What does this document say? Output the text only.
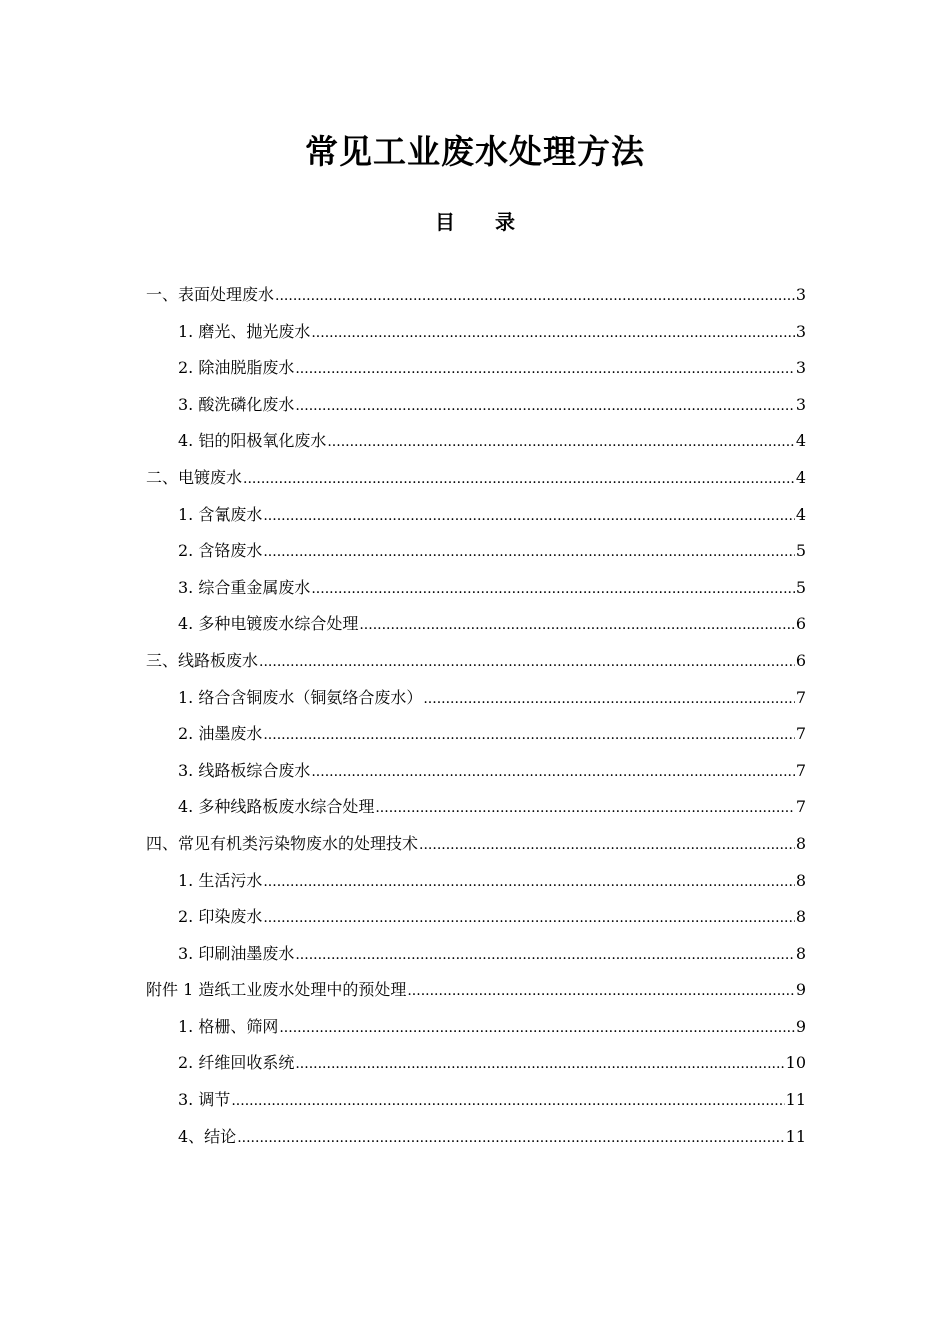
常见工业废水处理方法
目录
一、表面处理废水 .....	3
1. 磨光、抛光废水 .....	3
2. 除油脱脂废水 .....	3
3. 酸洗磷化废水 .....	3
4. 铝的阳极氧化废水 .....	4
二、电镀废水 .....	4
1. 含氰废水 .....	4
2. 含铬废水 .....	5
3. 综合重金属废水 .....	5
4. 多种电镀废水综合处理 .....	6
三、线路板废水 .....	6
1. 络合含铜废水（铜氨络合废水） .....	7
2. 油墨废水 .....	7
3. 线路板综合废水 .....	7
4. 多种线路板废水综合处理 .....	7
四、常见有机类污染物废水的处理技术 .....	8
1. 生活污水 .....	8
2. 印染废水 .....	8
3. 印刷油墨废水 .....	8
附件 1 造纸工业废水处理中的预处理 .....	9
1. 格栅、筛网 .....	9
2. 纤维回收系统 .....	10
3. 调节 .....	11
4、结论 .....	11
